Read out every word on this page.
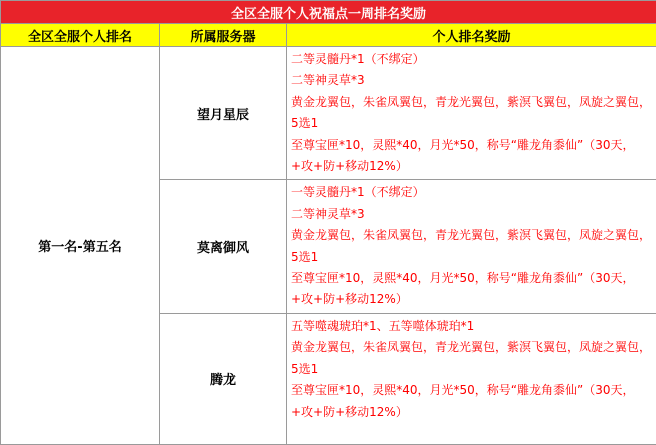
全区全服个人祝福点一周排名奖励		
全区全服个人排名	所属服务器	个人排名奖励
第一名-第五名	望月星辰	二等灵髓丹*1（不绑定）
二等神灵草*3
黄金龙翼包，朱雀凤翼包，青龙光翼包，紫溟飞翼包，凤旋之翼包，5选1
至尊宝匣*10，灵熙*40，月光*50，称号“雕龙角黍仙”（30天，+攻+防+移动12%）

	莫离御风	一等灵髓丹*1（不绑定）
二等神灵草*3
黄金龙翼包，朱雀凤翼包，青龙光翼包，紫溟飞翼包，凤旋之翼包，5选1
至尊宝匣*10，灵熙*40，月光*50，称号“雕龙角黍仙”（30天，+攻+防+移动12%）

	腾龙	五等噬魂琥珀*1、五等噬体琥珀*1
黄金龙翼包，朱雀凤翼包，青龙光翼包，紫溟飞翼包，凤旋之翼包，5选1
至尊宝匣*10，灵熙*40，月光*50，称号“雕龙角黍仙”（30天，+攻+防+移动12%）
